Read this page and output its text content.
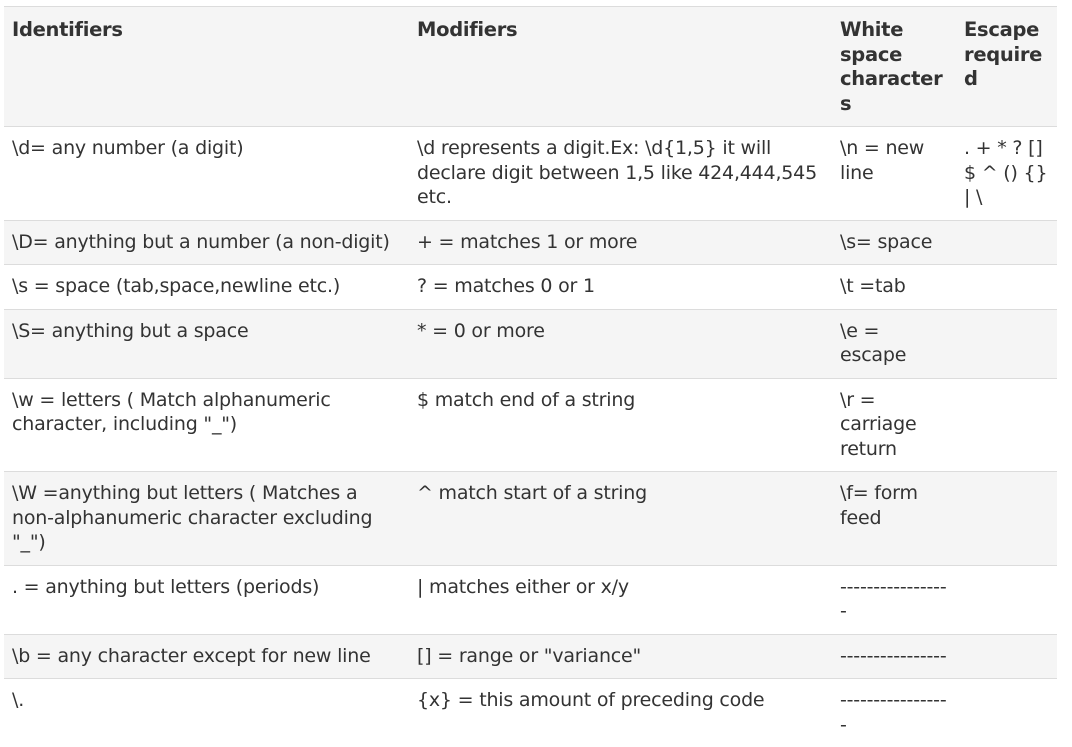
Identifiers	Modifiers	White space characters	Escape required
\d= any number (a digit)	\d represents a digit.Ex: \d{1,5} it will declare digit between 1,5 like 424,444,545 etc.	\n = new line	. + * ? [] $ ^ () {} | \
\D= anything but a number (a non-digit)	+ = matches 1 or more	\s= space	
\s = space (tab,space,newline etc.)	? = matches 0 or 1	\t =tab	
\S= anything but a space	* = 0 or more	\e = escape	
\w = letters ( Match alphanumeric character, including "_")	$ match end of a string	\r = carriage return	
\W =anything but letters ( Matches a non-alphanumeric character excluding "_")	^ match start of a string	\f= form feed	
. = anything but letters (periods)	| matches either or x/y	-----------------	
\b = any character except for new line	[] = range or "variance"	----------------	
\.	{x} = this amount of preceding code	-----------------	
